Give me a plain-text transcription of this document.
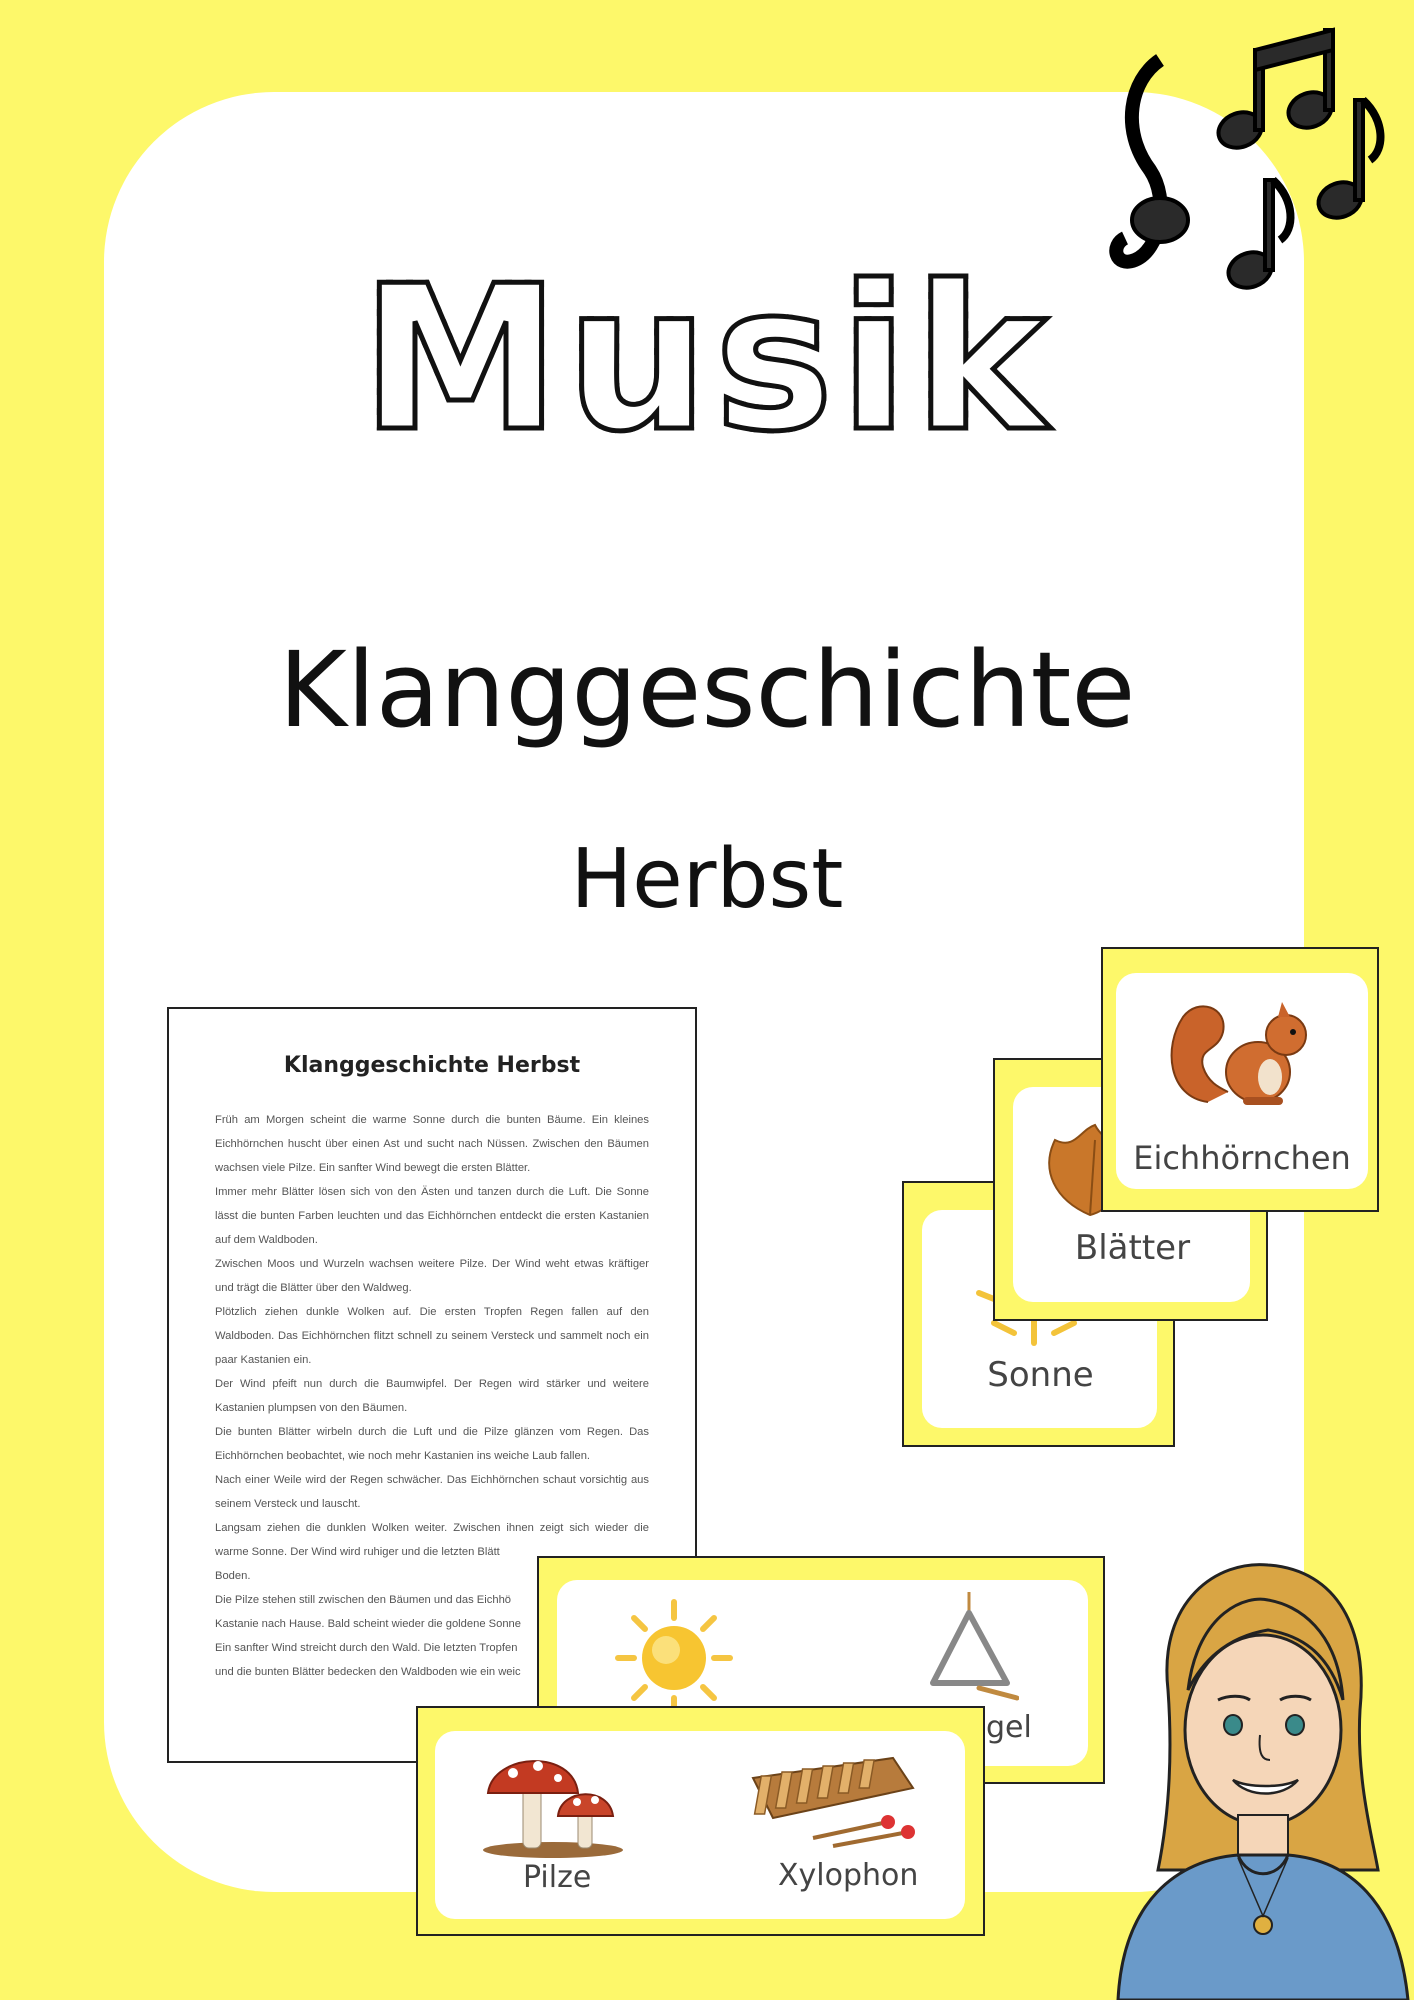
Musik
Klanggeschichte
Herbst
Klanggeschichte Herbst

Früh am Morgen scheint die warme Sonne durch die bunten Bäume. Ein kleines Eichhörnchen huscht über einen Ast und sucht nach Nüssen. Zwischen den Bäumen wachsen viele Pilze. Ein sanfter Wind bewegt die ersten Blätter.

Immer mehr Blätter lösen sich von den Ästen und tanzen durch die Luft. Die Sonne lässt die bunten Farben leuchten und das Eichhörnchen entdeckt die ersten Kastanien auf dem Waldboden.

Zwischen Moos und Wurzeln wachsen weitere Pilze. Der Wind weht etwas kräftiger und trägt die Blätter über den Waldweg.

Plötzlich ziehen dunkle Wolken auf. Die ersten Tropfen Regen fallen auf den Waldboden. Das Eichhörnchen flitzt schnell zu seinem Versteck und sammelt noch ein paar Kastanien ein.

Der Wind pfeift nun durch die Baumwipfel. Der Regen wird stärker und weitere Kastanien plumpsen von den Bäumen.

Die bunten Blätter wirbeln durch die Luft und die Pilze glänzen vom Regen. Das Eichhörnchen beobachtet, wie noch mehr Kastanien ins weiche Laub fallen.

Nach einer Weile wird der Regen schwächer. Das Eichhörnchen schaut vorsichtig aus seinem Versteck und lauscht.

Langsam ziehen die dunklen Wolken weiter. Zwischen ihnen zeigt sich wieder die warme Sonne. Der Wind wird ruhiger und die letzten Blätt

Boden.

Die Pilze stehen still zwischen den Bäumen und das Eichhö

Kastanie nach Hause. Bald scheint wieder die goldene Sonne

Ein sanfter Wind streicht durch den Wald. Die letzten Tropfen

und die bunten Blätter bedecken den Waldboden wie ein weic

Sonne
Blätter
Eichhörnchen
gel
Pilze	Xylophon
